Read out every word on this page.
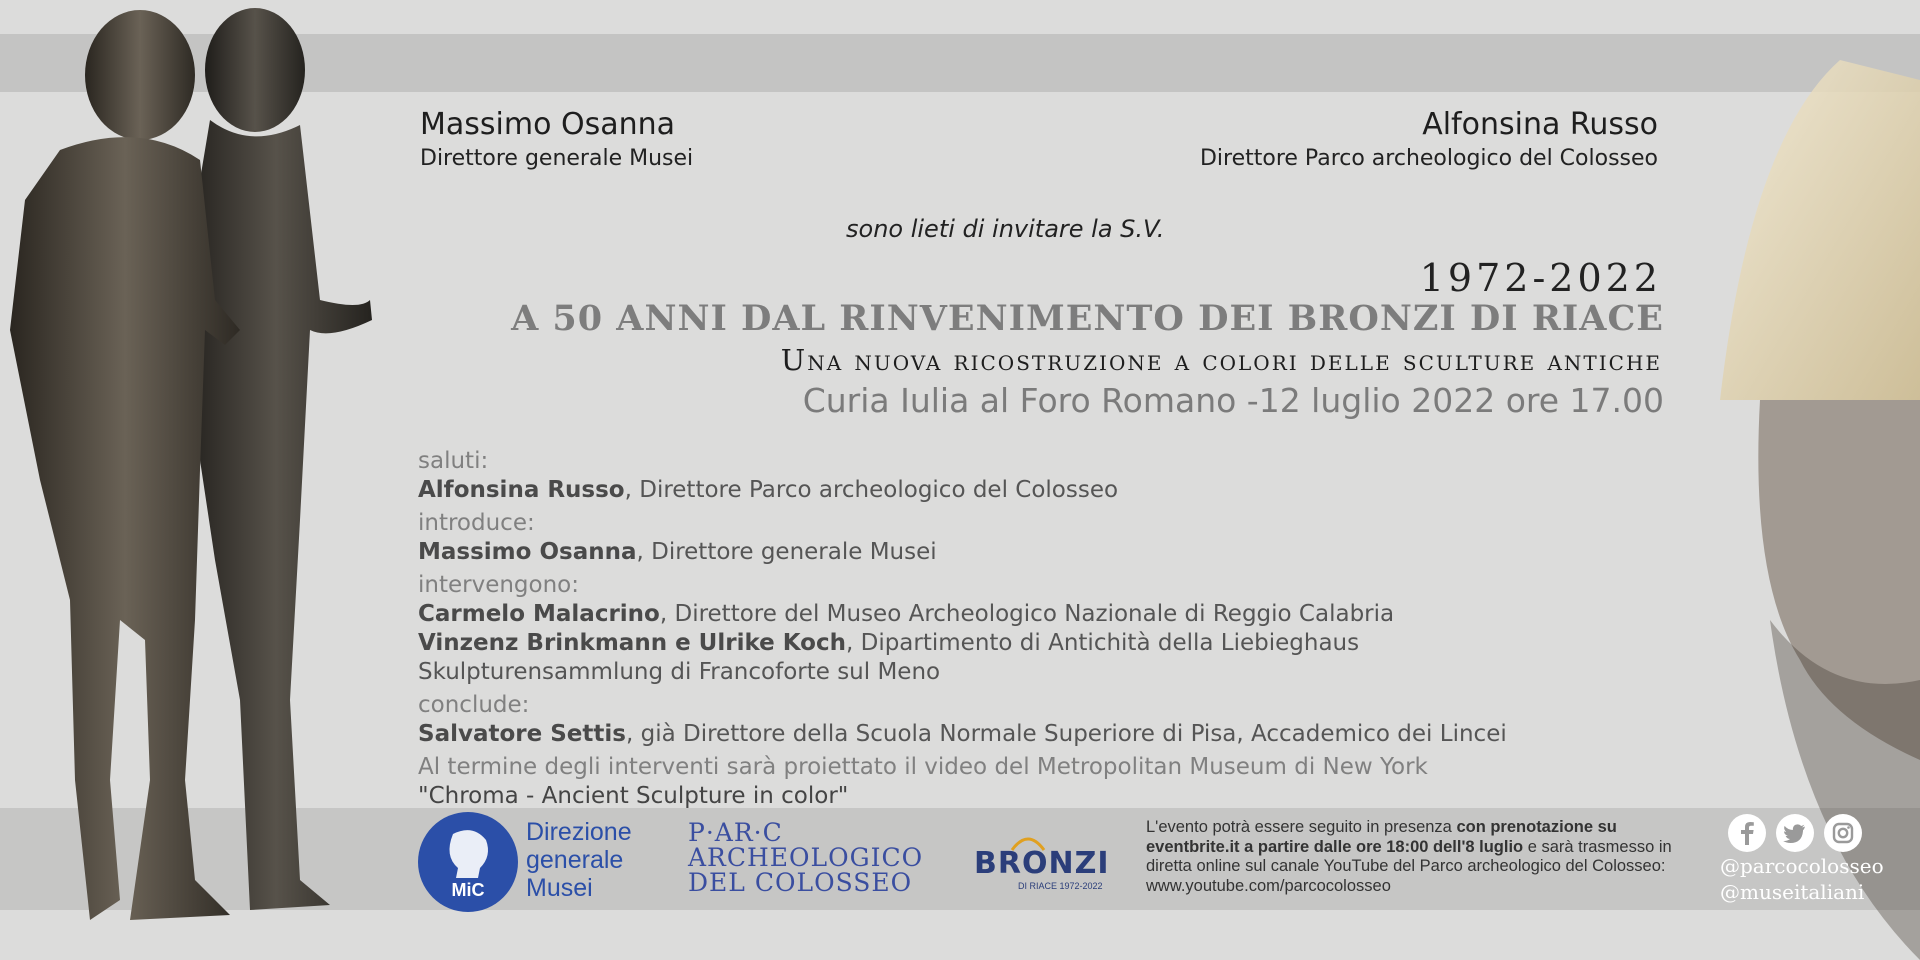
Massimo Osanna
Direttore generale Musei
Alfonsina Russo
Direttore Parco archeologico del Colosseo
sono lieti di invitare la S.V.
1972-2022
A 50 ANNI DAL RINVENIMENTO DEI BRONZI DI RIACE
Una nuova ricostruzione a colori delle sculture antiche
Curia Iulia al Foro Romano -12 luglio 2022 ore 17.00
saluti:
Alfonsina Russo, Direttore Parco archeologico del Colosseo
introduce:
Massimo Osanna, Direttore generale Musei
intervengono:
Carmelo Malacrino, Direttore del Museo Archeologico Nazionale di Reggio Calabria
Vinzenz Brinkmann e Ulrike Koch, Dipartimento di Antichità della Liebieghaus
Skulpturensammlung di Francoforte sul Meno
conclude:
Salvatore Settis, già Direttore della Scuola Normale Superiore di Pisa, Accademico dei Lincei
Al termine degli interventi sarà proiettato il video del Metropolitan Museum di New York
"Chroma - Ancient Sculpture in color"
MiC
Direzione
generale
Musei
P·AR·C
ARCHEOLOGICO
DEL COLOSSEO
BRONZI
DI RIACE 1972-2022
L'evento potrà essere seguito in presenza con prenotazione su eventbrite.it a partire dalle ore 18:00 dell'8 luglio e sarà trasmesso in diretta online sul canale YouTube del Parco archeologico del Colosseo: www.youtube.com/parcocolosseo
@parcocolosseo
@museitaliani
